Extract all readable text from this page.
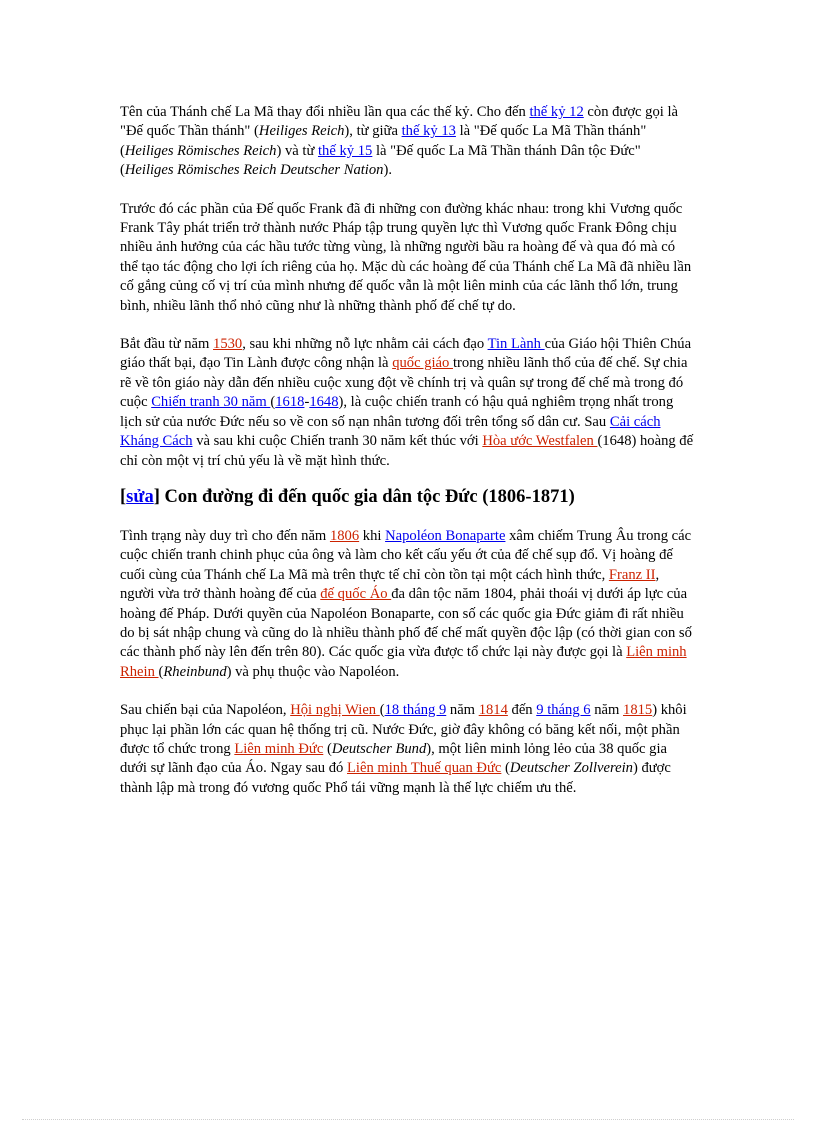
Tên của Thánh chế La Mã thay đổi nhiều lần qua các thế kỷ. Cho đến thế kỷ 12 còn được gọi là "Đế quốc Thần thánh" (Heiliges Reich), từ giữa thế kỷ 13 là "Đế quốc La Mã Thần thánh" (Heiliges Römisches Reich) và từ thế kỷ 15 là "Đế quốc La Mã Thần thánh Dân tộc Đức" (Heiliges Römisches Reich Deutscher Nation).

Trước đó các phần của Đế quốc Frank đã đi những con đường khác nhau: trong khi Vương quốc Frank Tây phát triển trở thành nước Pháp tập trung quyền lực thì Vương quốc Frank Đông chịu nhiều ảnh hưởng của các hầu tước từng vùng, là những người bầu ra hoàng đế và qua đó mà có thể tạo tác động cho lợi ích riêng của họ. Mặc dù các hoàng đế của Thánh chế La Mã đã nhiều lần cố gắng củng cố vị trí của mình nhưng đế quốc vẫn là một liên minh của các lãnh thổ lớn, trung bình, nhiều lãnh thổ nhỏ cũng như là những thành phố đế chế tự do.

Bắt đầu từ năm 1530, sau khi những nỗ lực nhằm cải cách đạo Tin Lành của Giáo hội Thiên Chúa giáo thất bại, đạo Tin Lành được công nhận là quốc giáo trong nhiều lãnh thổ của đế chế. Sự chia rẽ về tôn giáo này dẫn đến nhiều cuộc xung đột về chính trị và quân sự trong đế chế mà trong đó cuộc Chiến tranh 30 năm (1618-1648), là cuộc chiến tranh có hậu quả nghiêm trọng nhất trong lịch sử của nước Đức nếu so về con số nạn nhân tương đối trên tổng số dân cư. Sau Cải cách Kháng Cách và sau khi cuộc Chiến tranh 30 năm kết thúc với Hòa ước Westfalen (1648) hoàng đế chỉ còn một vị trí chủ yếu là về mặt hình thức.

[sửa] Con đường đi đến quốc gia dân tộc Đức (1806-1871)

Tình trạng này duy trì cho đến năm 1806 khi Napoléon Bonaparte xâm chiếm Trung Âu trong các cuộc chiến tranh chinh phục của ông và làm cho kết cấu yếu ớt của đế chế sụp đổ. Vị hoàng đế cuối cùng của Thánh chế La Mã mà trên thực tế chỉ còn tồn tại một cách hình thức, Franz II, người vừa trở thành hoàng đế của đế quốc Áo đa dân tộc năm 1804, phải thoái vị dưới áp lực của hoàng đế Pháp. Dưới quyền của Napoléon Bonaparte, con số các quốc gia Đức giảm đi rất nhiều do bị sát nhập chung và cũng do là nhiều thành phố đế chế mất quyền độc lập (có thời gian con số các thành phố này lên đến trên 80). Các quốc gia vừa được tổ chức lại này được gọi là Liên minh Rhein (Rheinbund) và phụ thuộc vào Napoléon.

Sau chiến bại của Napoléon, Hội nghị Wien (18 tháng 9 năm 1814 đến 9 tháng 6 năm 1815) khôi phục lại phần lớn các quan hệ thống trị cũ. Nước Đức, giờ đây không có băng kết nối, một phần được tổ chức trong Liên minh Đức (Deutscher Bund), một liên minh lỏng lẻo của 38 quốc gia dưới sự lãnh đạo của Áo. Ngay sau đó Liên minh Thuế quan Đức (Deutscher Zollverein) được thành lập mà trong đó vương quốc Phổ tái vững mạnh là thế lực chiếm ưu thế.
